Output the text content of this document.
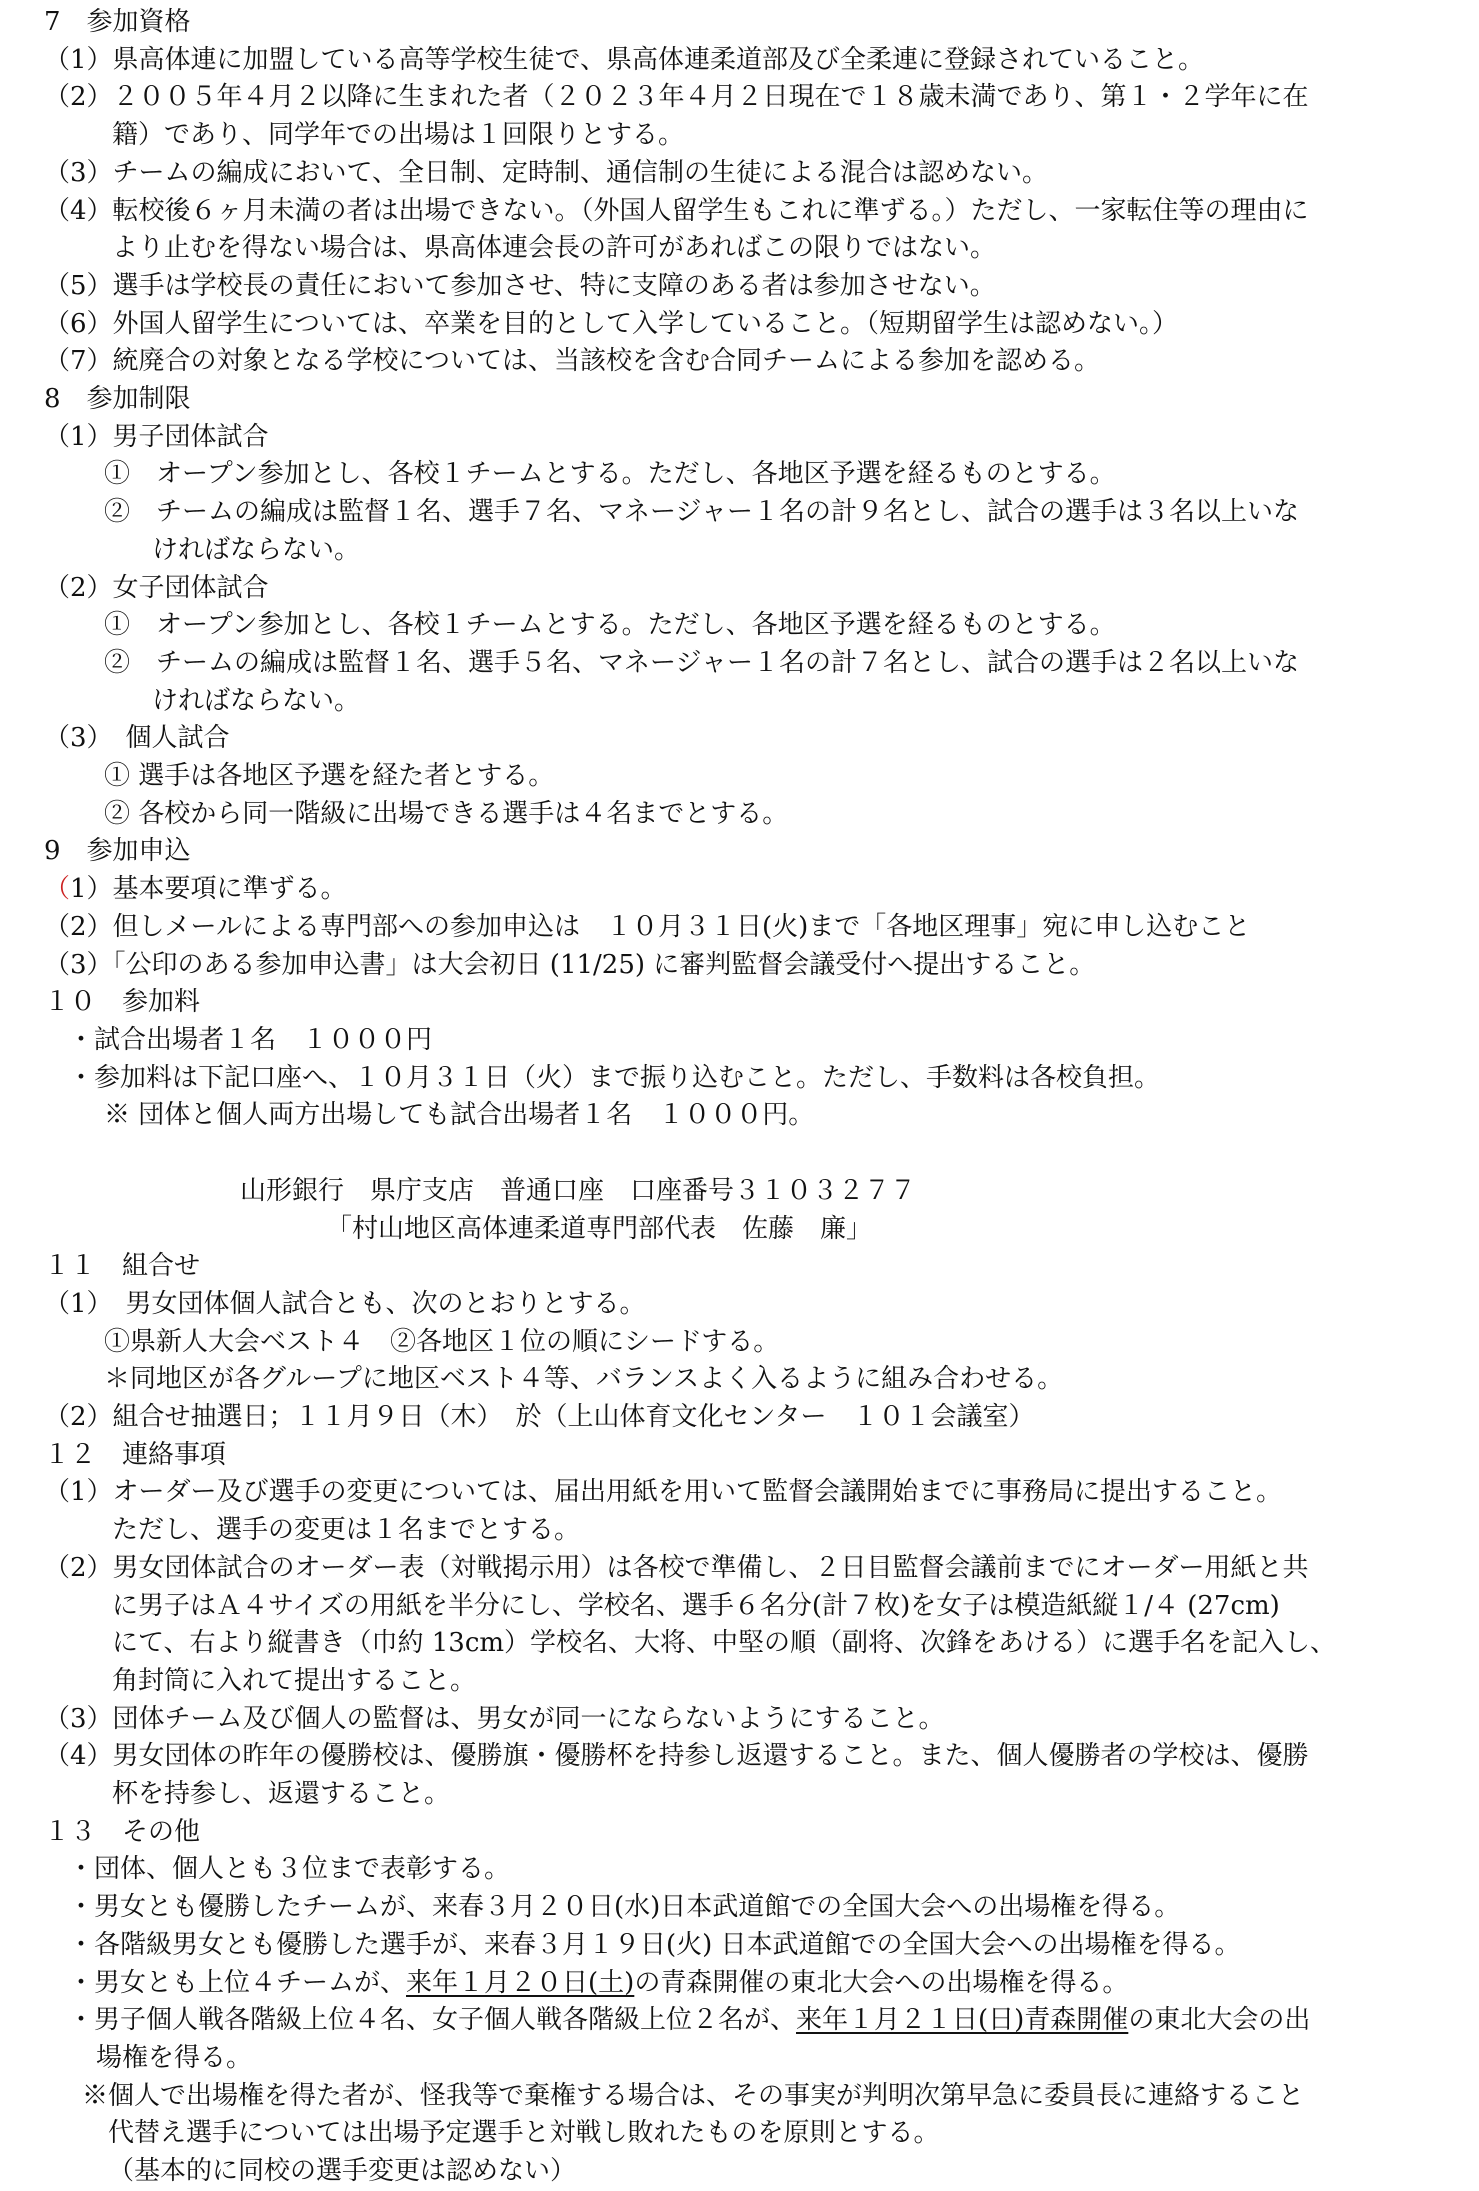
7　参加資格
（1）県高体連に加盟している高等学校生徒で、県高体連柔道部及び全柔連に登録されていること。
（2）２００５年４月２以降に生まれた者（２０２３年４月２日現在で１８歳未満であり、第１・２学年に在
籍）であり、同学年での出場は１回限りとする。
（3）チームの編成において、全日制、定時制、通信制の生徒による混合は認めない。
（4）転校後６ヶ月未満の者は出場できない。（外国人留学生もこれに準ずる。）ただし、一家転住等の理由に
より止むを得ない場合は、県高体連会長の許可があればこの限りではない。
（5）選手は学校長の責任において参加させ、特に支障のある者は参加させない。
（6）外国人留学生については、卒業を目的として入学していること。（短期留学生は認めない。）
（7）統廃合の対象となる学校については、当該校を含む合同チームによる参加を認める。
8　参加制限
（1）男子団体試合
①　オープン参加とし、各校１チームとする。ただし、各地区予選を経るものとする。
②　チームの編成は監督１名、選手７名、マネージャー１名の計９名とし、試合の選手は３名以上いな
ければならない。
（2）女子団体試合
①　オープン参加とし、各校１チームとする。ただし、各地区予選を経るものとする。
②　チームの編成は監督１名、選手５名、マネージャー１名の計７名とし、試合の選手は２名以上いな
ければならない。
（3）　個人試合
① 選手は各地区予選を経た者とする。
② 各校から同一階級に出場できる選手は４名までとする。
9　参加申込
（1）基本要項に準ずる。
（2）但しメールによる専門部への参加申込は　１０月３１日(火)まで「各地区理事」宛に申し込むこと
（3）「公印のある参加申込書」は大会初日 (11/25) に審判監督会議受付へ提出すること。
１０　参加料
・試合出場者１名　１０００円
・参加料は下記口座へ、１０月３１日（火）まで振り込むこと。ただし、手数料は各校負担。
※ 団体と個人両方出場しても試合出場者１名　１０００円。
山形銀行　県庁支店　普通口座　口座番号３１０３２７７
「村山地区高体連柔道専門部代表　佐藤　廉」
１１　組合せ
（1）　男女団体個人試合とも、次のとおりとする。
①県新人大会ベスト４　②各地区１位の順にシードする。
＊同地区が各グループに地区ベスト４等、バランスよく入るように組み合わせる。
（2）組合せ抽選日；１１月９日（木）　於（上山体育文化センター　１０１会議室）
１２　連絡事項
（1）オーダー及び選手の変更については、届出用紙を用いて監督会議開始までに事務局に提出すること。
ただし、選手の変更は１名までとする。
（2）男女団体試合のオーダー表（対戦掲示用）は各校で準備し、２日目監督会議前までにオーダー用紙と共
に男子はＡ４サイズの用紙を半分にし、学校名、選手６名分(計７枚)を女子は模造紙縦１/４ (27cm)
にて、右より縦書き（巾約 13cm）学校名、大将、中堅の順（副将、次鋒をあける）に選手名を記入し、
角封筒に入れて提出すること。
（3）団体チーム及び個人の監督は、男女が同一にならないようにすること。
（4）男女団体の昨年の優勝校は、優勝旗・優勝杯を持参し返還すること。また、個人優勝者の学校は、優勝
杯を持参し、返還すること。
１３　その他
・団体、個人とも３位まで表彰する。
・男女とも優勝したチームが、来春３月２０日(水)日本武道館での全国大会への出場権を得る。
・各階級男女とも優勝した選手が、来春３月１９日(火) 日本武道館での全国大会への出場権を得る。
・男女とも上位４チームが、来年１月２０日(土)の青森開催の東北大会への出場権を得る。
・男子個人戦各階級上位４名、女子個人戦各階級上位２名が、来年１月２１日(日)青森開催の東北大会の出
場権を得る。
※個人で出場権を得た者が、怪我等で棄権する場合は、その事実が判明次第早急に委員長に連絡すること
代替え選手については出場予定選手と対戦し敗れたものを原則とする。
（基本的に同校の選手変更は認めない）
